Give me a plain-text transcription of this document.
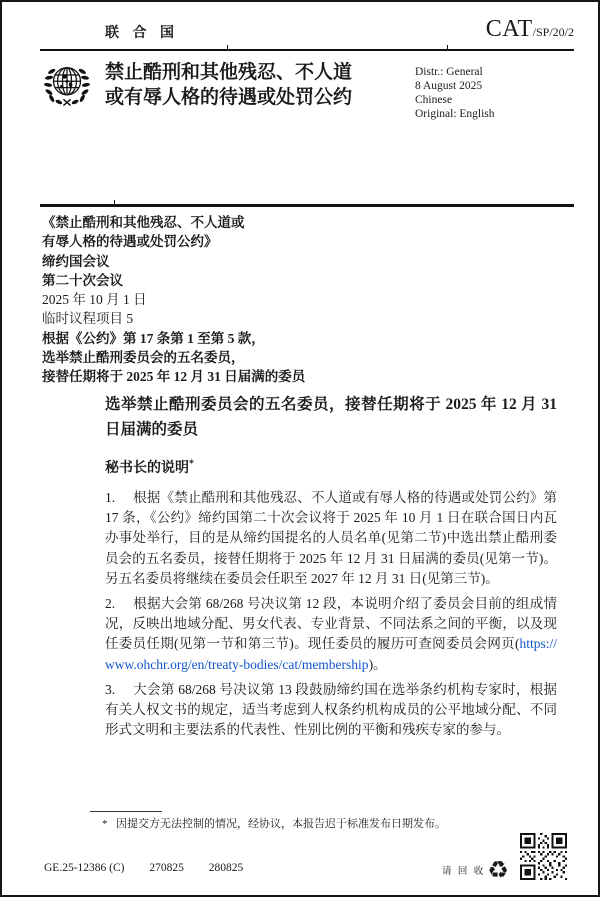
联 合 国	CAT/SP/20/2
禁止酷刑和其他残忍、不人道
或有辱人格的待遇或处罚公约
Distr.: General
8 August 2025
Chinese
Original: English
《禁止酷刑和其他残忍、不人道或
有辱人格的待遇或处罚公约》
缔约国会议
第二十次会议
2025 年 10 月 1 日
临时议程项目 5
根据《公约》第 17 条第 1 至第 5 款，
选举禁止酷刑委员会的五名委员，
接替任期将于 2025 年 12 月 31 日届满的委员
选举禁止酷刑委员会的五名委员，接替任期将于 2025 年 12 月 31 日届满的委员
秘书长的说明*

1. 根据《禁止酷刑和其他残忍、不人道或有辱人格的待遇或处罚公约》第 17 条，《公约》缔约国第二十次会议将于 2025 年 10 月 1 日在联合国日内瓦办事处举行，目的是从缔约国提名的人员名单(见第二节)中选出禁止酷刑委员会的五名委员，接替任期将于 2025 年 12 月 31 日届满的委员(见第一节)。另五名委员将继续在委员会任职至 2027 年 12 月 31 日(见第三节)。

2. 根据大会第 68/268 号决议第 12 段，本说明介绍了委员会目前的组成情况，反映出地域分配、男女代表、专业背景、不同法系之间的平衡，以及现任委员任期(见第一节和第三节)。现任委员的履历可查阅委员会网页(https://www.ohchr.org/en/treaty-bodies/cat/membership)。

3. 大会第 68/268 号决议第 13 段鼓励缔约国在选举条约机构专家时，根据有关人权文书的规定，适当考虑到人权条约机构成员的公平地域分配、不同形式文明和主要法系的代表性、性别比例的平衡和残疾专家的参与。

* 因提交方无法控制的情况，经协议，本报告迟于标准发布日期发布。
GE.25-12386 (C) 270825 280825	请 回 收 ♻
